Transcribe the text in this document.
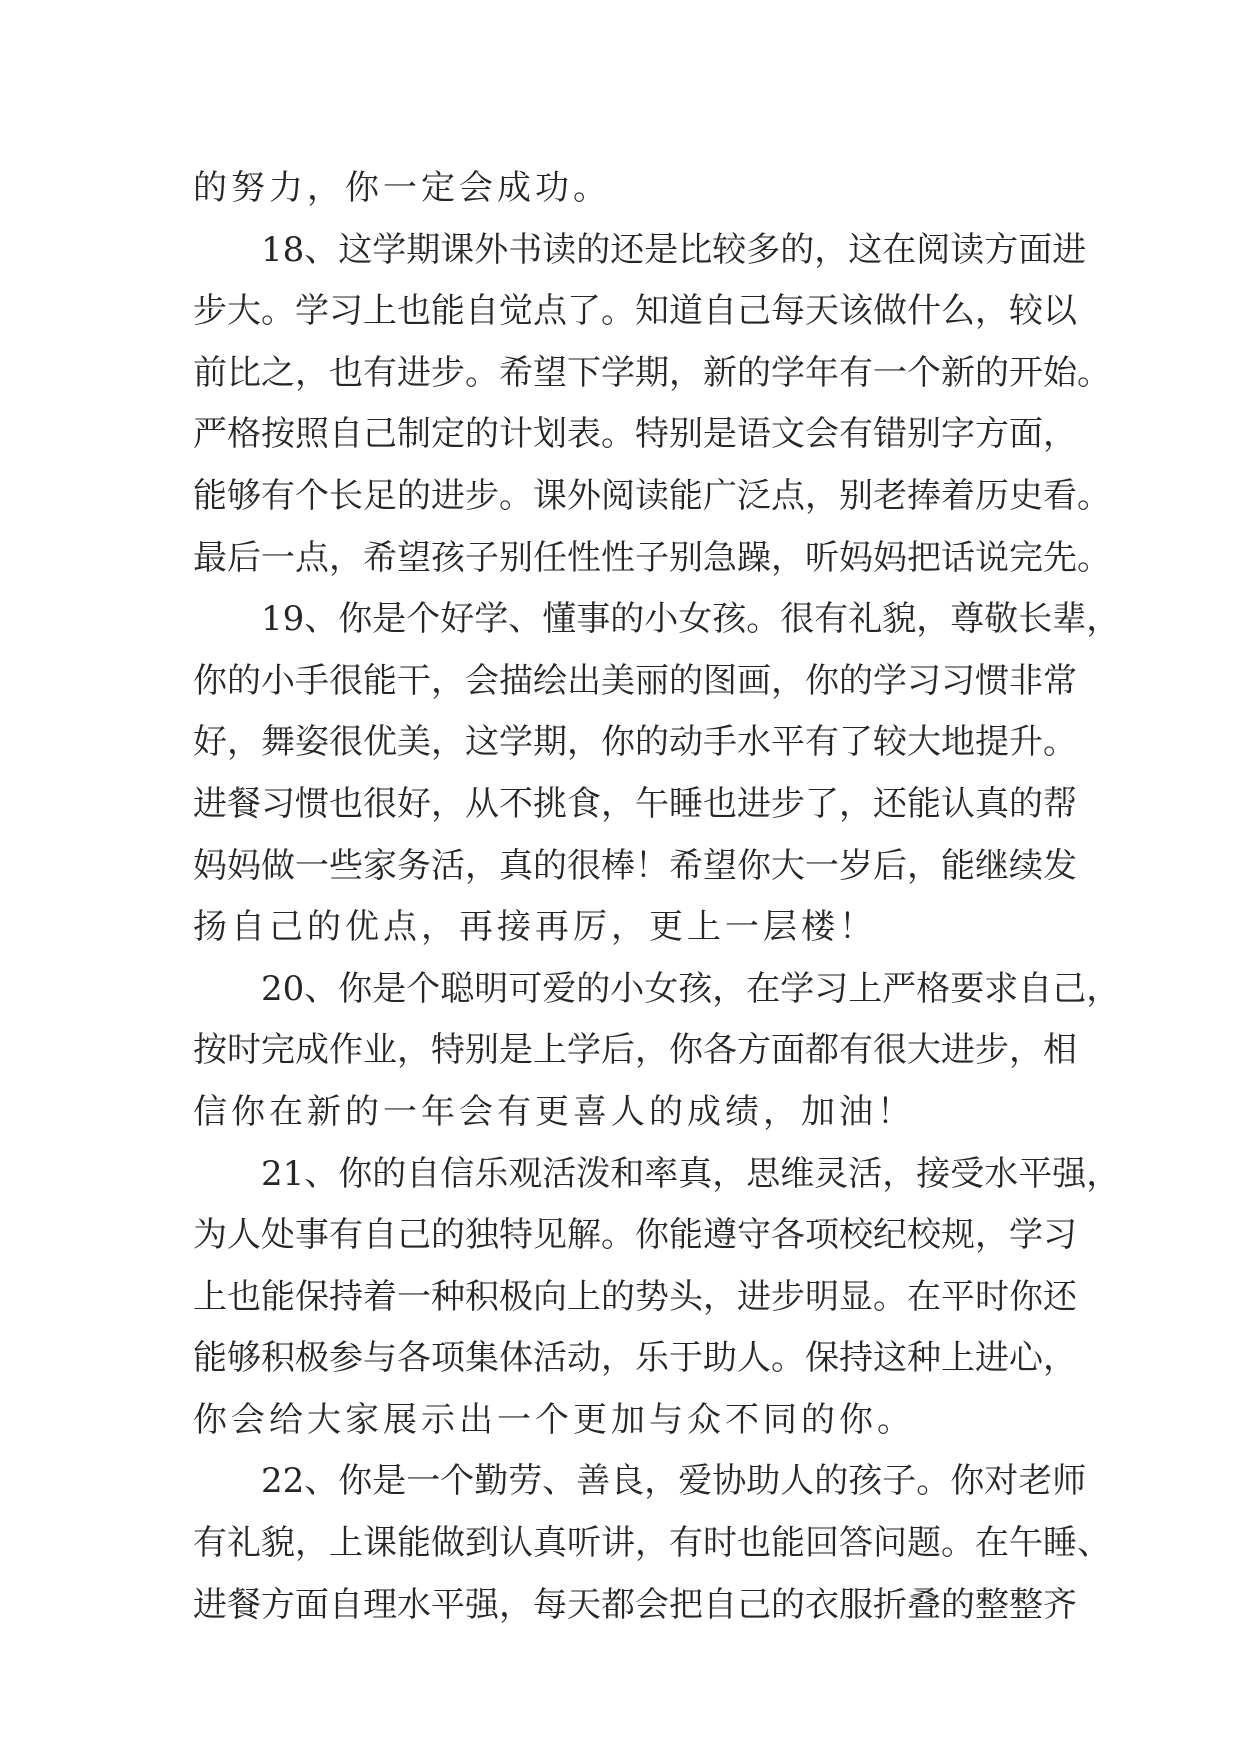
的努力，你一定会成功。
18、这学期课外书读的还是比较多的，这在阅读方面进
步大。学习上也能自觉点了。知道自己每天该做什么，较以
前比之，也有进步。希望下学期，新的学年有一个新的开始。
严格按照自己制定的计划表。特别是语文会有错别字方面，
能够有个长足的进步。课外阅读能广泛点，别老捧着历史看。
最后一点，希望孩子别任性性子别急躁，听妈妈把话说完先。
19、你是个好学、懂事的小女孩。很有礼貌，尊敬长辈，
你的小手很能干，会描绘出美丽的图画，你的学习习惯非常
好，舞姿很优美，这学期，你的动手水平有了较大地提升。
进餐习惯也很好，从不挑食，午睡也进步了，还能认真的帮
妈妈做一些家务活，真的很棒！希望你大一岁后，能继续发
扬自己的优点，再接再厉，更上一层楼！
20、你是个聪明可爱的小女孩，在学习上严格要求自己，
按时完成作业，特别是上学后，你各方面都有很大进步，相
信你在新的一年会有更喜人的成绩，加油！
21、你的自信乐观活泼和率真，思维灵活，接受水平强，
为人处事有自己的独特见解。你能遵守各项校纪校规，学习
上也能保持着一种积极向上的势头，进步明显。在平时你还
能够积极参与各项集体活动，乐于助人。保持这种上进心，
你会给大家展示出一个更加与众不同的你。
22、你是一个勤劳、善良，爱协助人的孩子。你对老师
有礼貌，上课能做到认真听讲，有时也能回答问题。在午睡、
进餐方面自理水平强，每天都会把自己的衣服折叠的整整齐
